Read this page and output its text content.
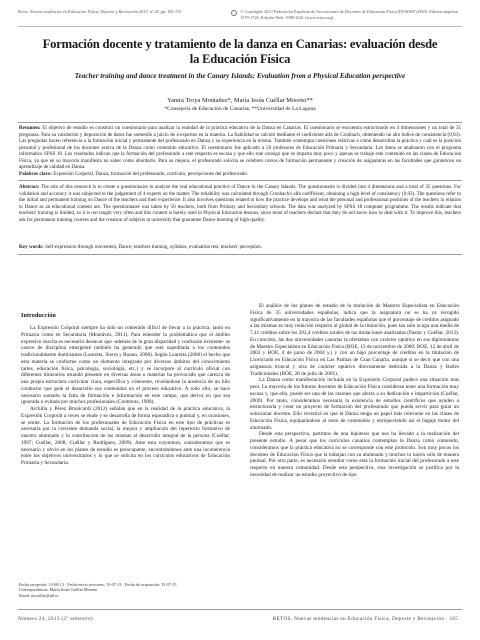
Retos. Nuevas tendencias en Educación Física, Deporte y Recreación 2013, nº 24, pp. 165-170	© Copyright: 2013 Federación Española de Asociaciones de Docentes de Educación Física (FEADEF) ISSN: Edición impresa: 1579-1726. Edición Web: 1988-2041 (www.retos.org)
Formación docente y tratamiento de la danza en Canarias: evaluación desde la Educación Física
Teacher training and dance treatment in the Canary Islands: Evaluation from a Physical Education perspective
Yanira Troya Montañez*, María Jesús Cuéllar Moreno**
*Consejería de Educación de Canarias. **Universidad de La Laguna
Resumen: El objetivo de estudio es construir un cuestionario para analizar la realidad de la práctica educativa de la Danza en Canarias. El cuestionario se encuentra estructurado en 4 dimensiones y un total de 35 preguntas. Para su validación y depuración de datos fue sometido a juicio de 4 expertos en la materia. La fiabilidad se calculó mediante el coeficiente alfa de Cronbach, obteniendo un alto índice de consistencia (0,93). Las preguntas hacen referencia a la formación inicial y permanente del profesorado en Danza y su experiencia en la misma. También contempla cuestiones relativas a cómo desarrollan la práctica y cuál es la posición personal y profesional de los docentes acerca de la Danza como contenido educativo. El cuestionario fue aplicado a 50 profesores de Educación Primaria y Secundaria. Los datos se analizaron con el programa informático SPSS 18. Los resultados indican que la formación del profesorado a este respecto es escasa y que ello trae consigo que se imparta muy poco y apenas se trabaje este contenido en las clases de Educación Física, ya que en su mayoría manifiesta no saber cómo abordarlo. Para su mejora, el profesorado solicita se celebren cursos de formación permanente y creación de asignaturas en las facultades que garanticen un aprendizaje de calidad en Danza.
Palabras clave: Expresión Corporal, Danza, formación del profesorado, currículo, percepciones del profesorado.
Abstract: The aim of this research is to create a questionnaire to analyze the real educational practice of Dance in the Canary Islands. The questionnaire is divided into 4 dimensions and a total of 35 questions. For validation and accuracy it was subjected to the judgement of 4 experts on the matter. The reliability was calculated through Cronbach's alfa coefficient, obtaining a high level of consistency (0.93). The questions refer to the initial and permanent training on Dance of the teachers and their experience. It also involves questions related to how the practice develops and what the personal and professional positions of the teachers in relation to Dance as an educational content are. The questionnaire was taken by 50 teachers, both from Primary and Secondary schools. The data was analyzed by SPSS 18 computer programme. The results indicate that teachers' training is limited, so it is not taught very often and this content is barely used in Physical Education lessons, since most of teachers declare that they do not know how to deal with it. To improve this, teachers ask for permanent training courses and the creation of subjects at university that guarantee Dance learning of high quality.
Key words: Self-expression through movement, Dance, teachers training, syllabus, evaluation test, teachers' perception.
Introducción

La Expresión Corporal siempre ha sido un contenido difícil de llevar a la práctica, tanto en Primaria como en Secundaria (Montávez, 2011). Para entender la problemática que el ámbito expresivo suscita es necesario destacar que -además de la gran disparidad y confusión existente- se carece de disciplina emergente también ha generado que esté supeditada a los contenidos tradicionalmente dominantes (Learreta, Sierra y Ruano, 2008). Según Learreta (2008) el hecho que esta materia se conforme como un elemento integrado por diversos ámbitos del conocimiento (artes, educación física, psicología, sociología, etc.) y se incorpore al currículo oficial con diferentes itinerarios estando presente en diversas áreas o materias ha provocado que carezca de una propia estructura curricular clara, específica y coherente, revelándose la ausencia de un hilo conductor que guíe el desarrollo sus contenidos en el proceso educativo. A todo ello, se hace necesario sumarle la falta de formación e información en este campo, que deriva en que sea ignorada o evitada por muchos profesionales (Contreras, 1998).

Archilla y Pérez Brunicardi (2012) señalan que en la realidad de la práctica educativa, la Expresión Corporal a veces se elude y se desarrolla de forma esporádica o puntual y, en ocasiones, se omite. La formación de los profesionales de Educación Física en este tipo de prácticas es necesaria por la creciente demanda social, la mejora y ampliación del repertorio formativo de nuestro alumnado y la contribución de las mismas al desarrollo integral de la persona (Cuéllar, 1997; Cuéllar, 2008; Cuéllar y Rodríguez, 2009). Ante esta coyuntura, consideramos que es necesario y obvio en los planes de estudio es preocupante, encontrándonos ante una incoherencia entre los objetivos universitarios y lo que se solicita en los currículos educativos de Educación Primaria y Secundaria.

El análisis de los planes de estudio de la titulación de Maestro Especialista en Educación Física de 35 universidades españolas, indica que la asignatura no se ha ya recogido significativamente en la mayoría de las facultades españolas que el porcentaje de créditos asignado a las mismas es muy reducido respecto al global de la titulación, pues tan sólo ocupa una media de 7,41 créditos sobre los 202,4 créditos totales de las titulaciones analizadas (Pastor y Cuéllar, 2013). En concreto, las dos universidades canarias la ofertaban con carácter optativo en sus diplomaturas de Maestro Especialista en Educación Física (BOE, 15 de noviembre de 2000; BOE, 12 de abril de 2002 y BOE, 4 de junio de 2004 y.) y con un bajo porcentaje de créditos en la titulación de Licenciado en Educación Física en Las Palmas de Gran Canaria, aunque sí se decir que con una asignatura troncal y otra de carácter optativo directamente dedicada a la Danza y Bailes Tradicionales (BOE, 28 de julio de 2001).

La Danza como manifestación incluida en la Expresión Corporal padece una situación más peor. La mayoría de los futuros docentes de Educación Física consideran tener una formación muy escasa y, que ello, puede ser una de las razones que afecta a su dedicación e impartición (Cuéllar, 2009). Por tanto, consideramos necesaria la existencia de estudios científicos que ayuden a estructurarla y crear un proyecto de formación del profesorado que pueda servir para guiar un solucionar docente. Ello revertirá en que la Danza tenga un papel más relevante en las clases de Educación Física, equiparándose al resto de contenidos y enriqueciendo así el bagaje motor del alumnado.

Desde esta perspectiva, partimos de una hipótesis que nos ha llevado a la realización del presente estudio. A pesar que los currículos canarios contemplan la Danza como contenido, consideramos que la práctica educativa no se corresponde con este protocolo. Son muy pocos los docentes de Educación Física que la trabajan con su alumnado y muchos lo hacen sólo de manera puntual. Por otra parte, es necesario estudiar como está la formación inicial del profesorado a este respecto en nuestra comunidad. Desde esta perspectiva, esta investigación se justifica por la necesidad de realizar un estudio proyectivo de tipo

Fecha recepción: 14-08-13 · Fecha envío revisores: 15-07-13 · Fecha de aceptación: 15-07-13
Correspondencia: María Jesús Cuéllar Moreno
Email: mcuellar@ull.es
Número 24, 2013 (2º semestre)	RETOS. Nuevas tendencias en Educación Física, Deporte y Recreación · 165 ·
